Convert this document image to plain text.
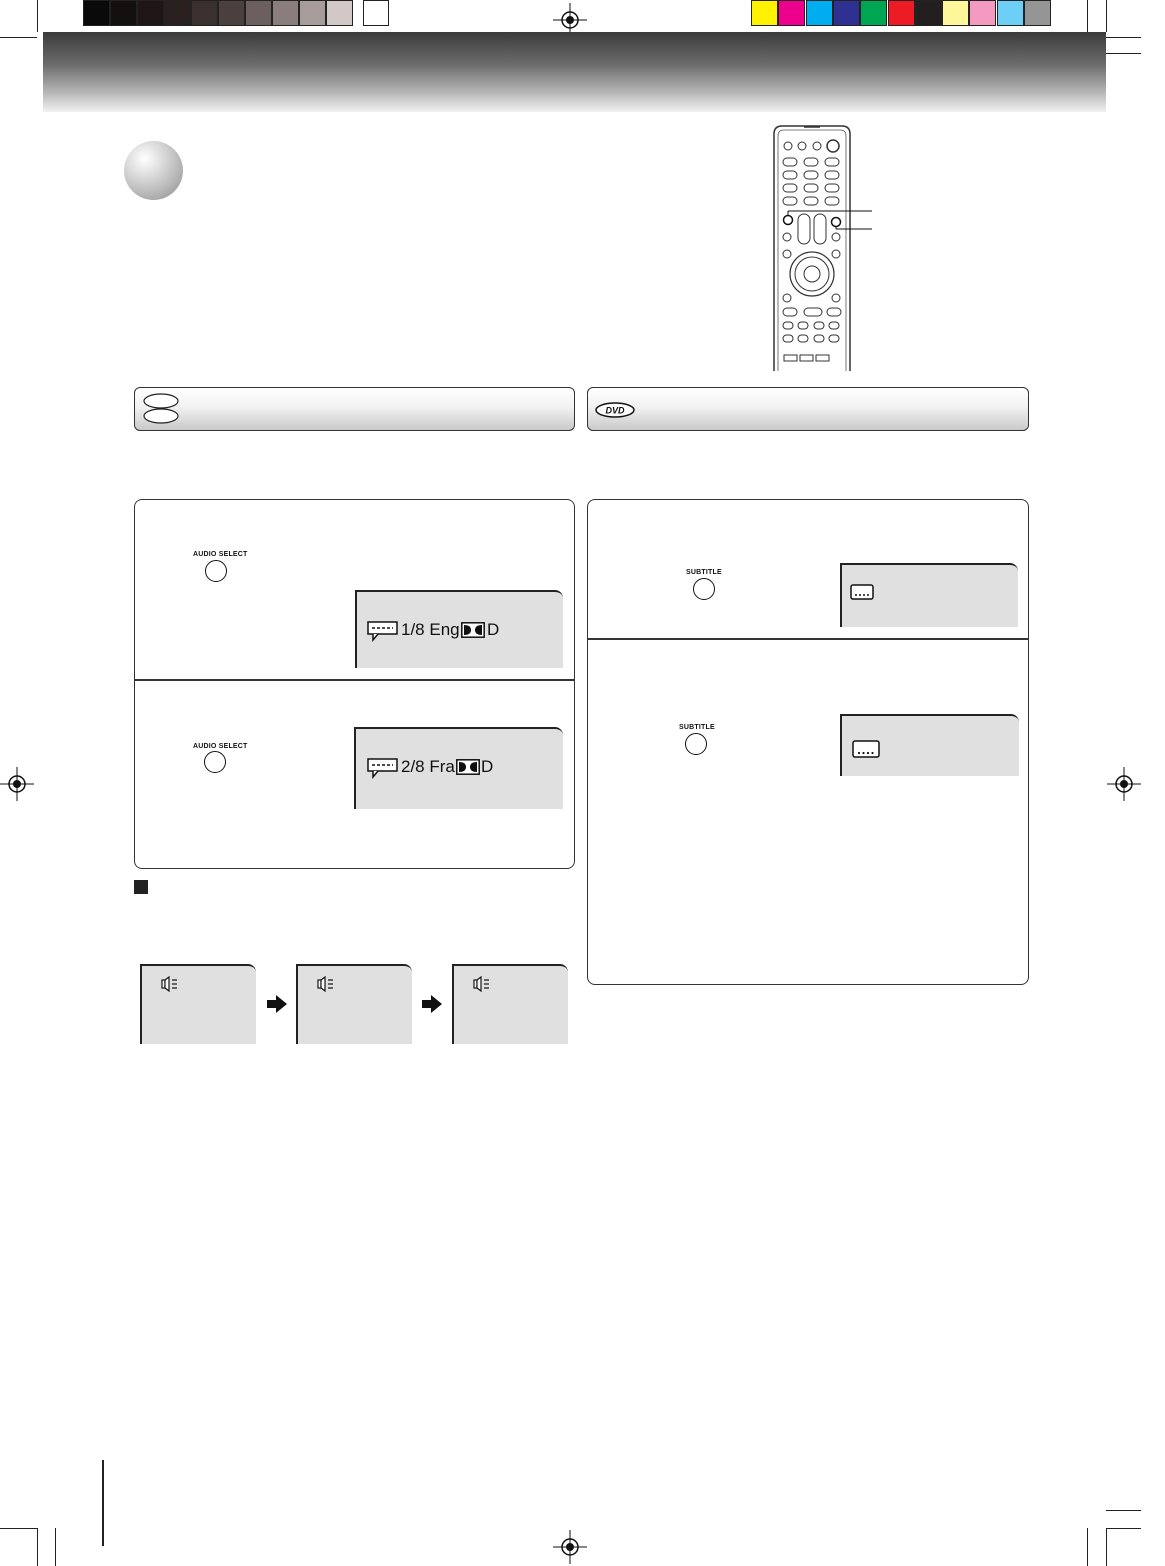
DVD
AUDIO SELECT
1/8 Eng D
AUDIO SELECT
2/8 Fra D
SUBTITLE
SUBTITLE
